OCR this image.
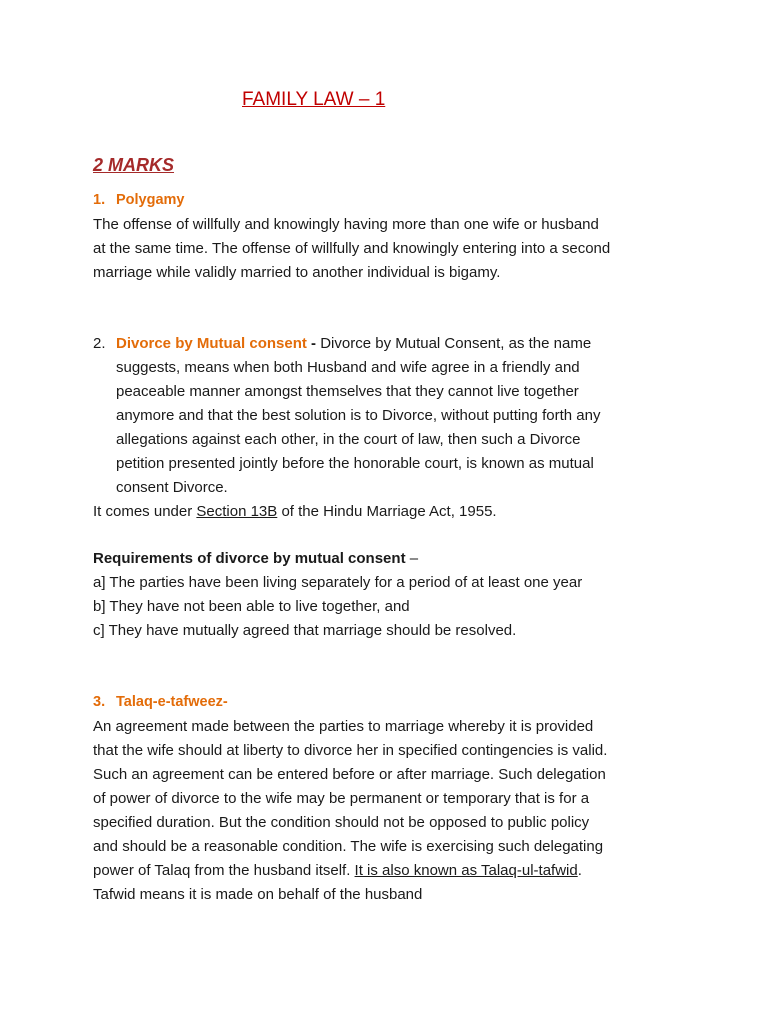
FAMILY LAW – 1
2 MARKS
1. Polygamy
The offense of willfully and knowingly having more than one wife or husband
at the same time. The offense of willfully and knowingly entering into a second
marriage while validly married to another individual is bigamy.
2. Divorce by Mutual consent - Divorce by Mutual Consent, as the name
suggests, means when both Husband and wife agree in a friendly and
peaceable manner amongst themselves that they cannot live together
anymore and that the best solution is to Divorce, without putting forth any
allegations against each other, in the court of law, then such a Divorce
petition presented jointly before the honorable court, is known as mutual
consent Divorce.
It comes under Section 13B of the Hindu Marriage Act, 1955.
Requirements of divorce by mutual consent –
a] The parties have been living separately for a period of at least one year
b] They have not been able to live together, and
c] They have mutually agreed that marriage should be resolved.
3. Talaq-e-tafweez-
An agreement made between the parties to marriage whereby it is provided
that the wife should at liberty to divorce her in specified contingencies is valid.
Such an agreement can be entered before or after marriage. Such delegation
of power of divorce to the wife may be permanent or temporary that is for a
specified duration. But the condition should not be opposed to public policy
and should be a reasonable condition. The wife is exercising such delegating
power of Talaq from the husband itself. It is also known as Talaq-ul-tafwid.
Tafwid means it is made on behalf of the husband
